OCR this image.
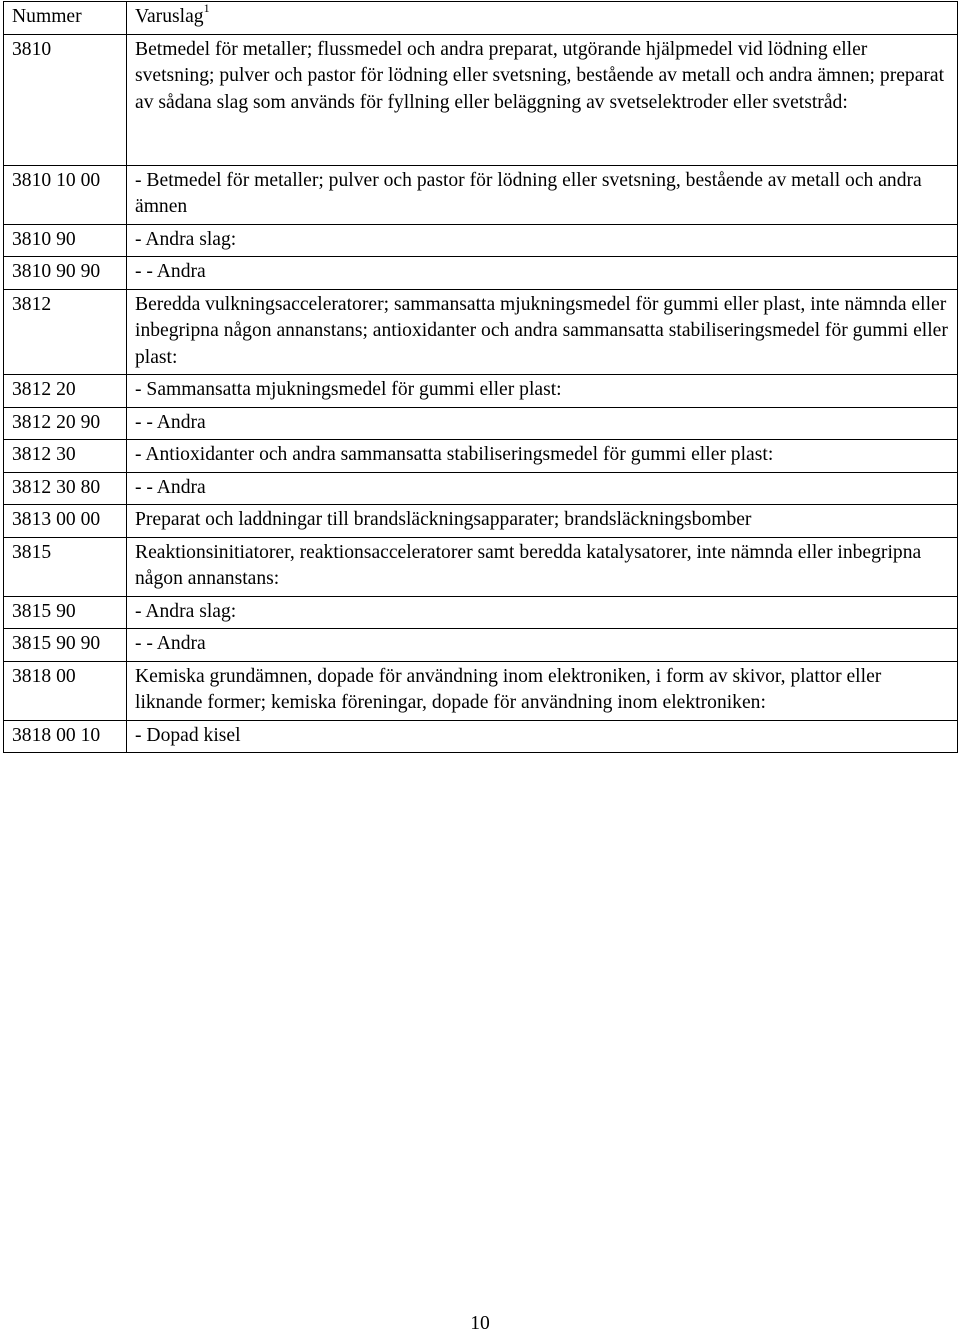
Nummer	Varuslag$^1$
3810	Betmedel för metaller; flussmedel och andra preparat, utgörande hjälpmedel vid lödning eller svetsning; pulver och pastor för lödning eller svetsning, bestående av metall och andra ämnen; preparat av sådana slag som används för fyllning eller beläggning av svetselektroder eller svetstråd:
3810 10 00	- Betmedel för metaller; pulver och pastor för lödning eller svetsning, bestående av metall och andra ämnen
3810 90	- Andra slag:
3810 90 90	- - Andra
3812	Beredda vulkningsacceleratorer; sammansatta mjukningsmedel för gummi eller plast, inte nämnda eller inbegripna någon annanstans; antioxidanter och andra sammansatta stabiliseringsmedel för gummi eller plast:
3812 20	- Sammansatta mjukningsmedel för gummi eller plast:
3812 20 90	- - Andra
3812 30	- Antioxidanter och andra sammansatta stabiliseringsmedel för gummi eller plast:
3812 30 80	- - Andra
3813 00 00	Preparat och laddningar till brandsläckningsapparater; brandsläckningsbomber
3815	Reaktionsinitiatorer, reaktionsacceleratorer samt beredda katalysatorer, inte nämnda eller inbegripna någon annanstans:
3815 90	- Andra slag:
3815 90 90	- - Andra
3818 00	Kemiska grundämnen, dopade för användning inom elektroniken, i form av skivor, plattor eller liknande former; kemiska föreningar, dopade för användning inom elektroniken:
3818 00 10	- Dopad kisel
10
